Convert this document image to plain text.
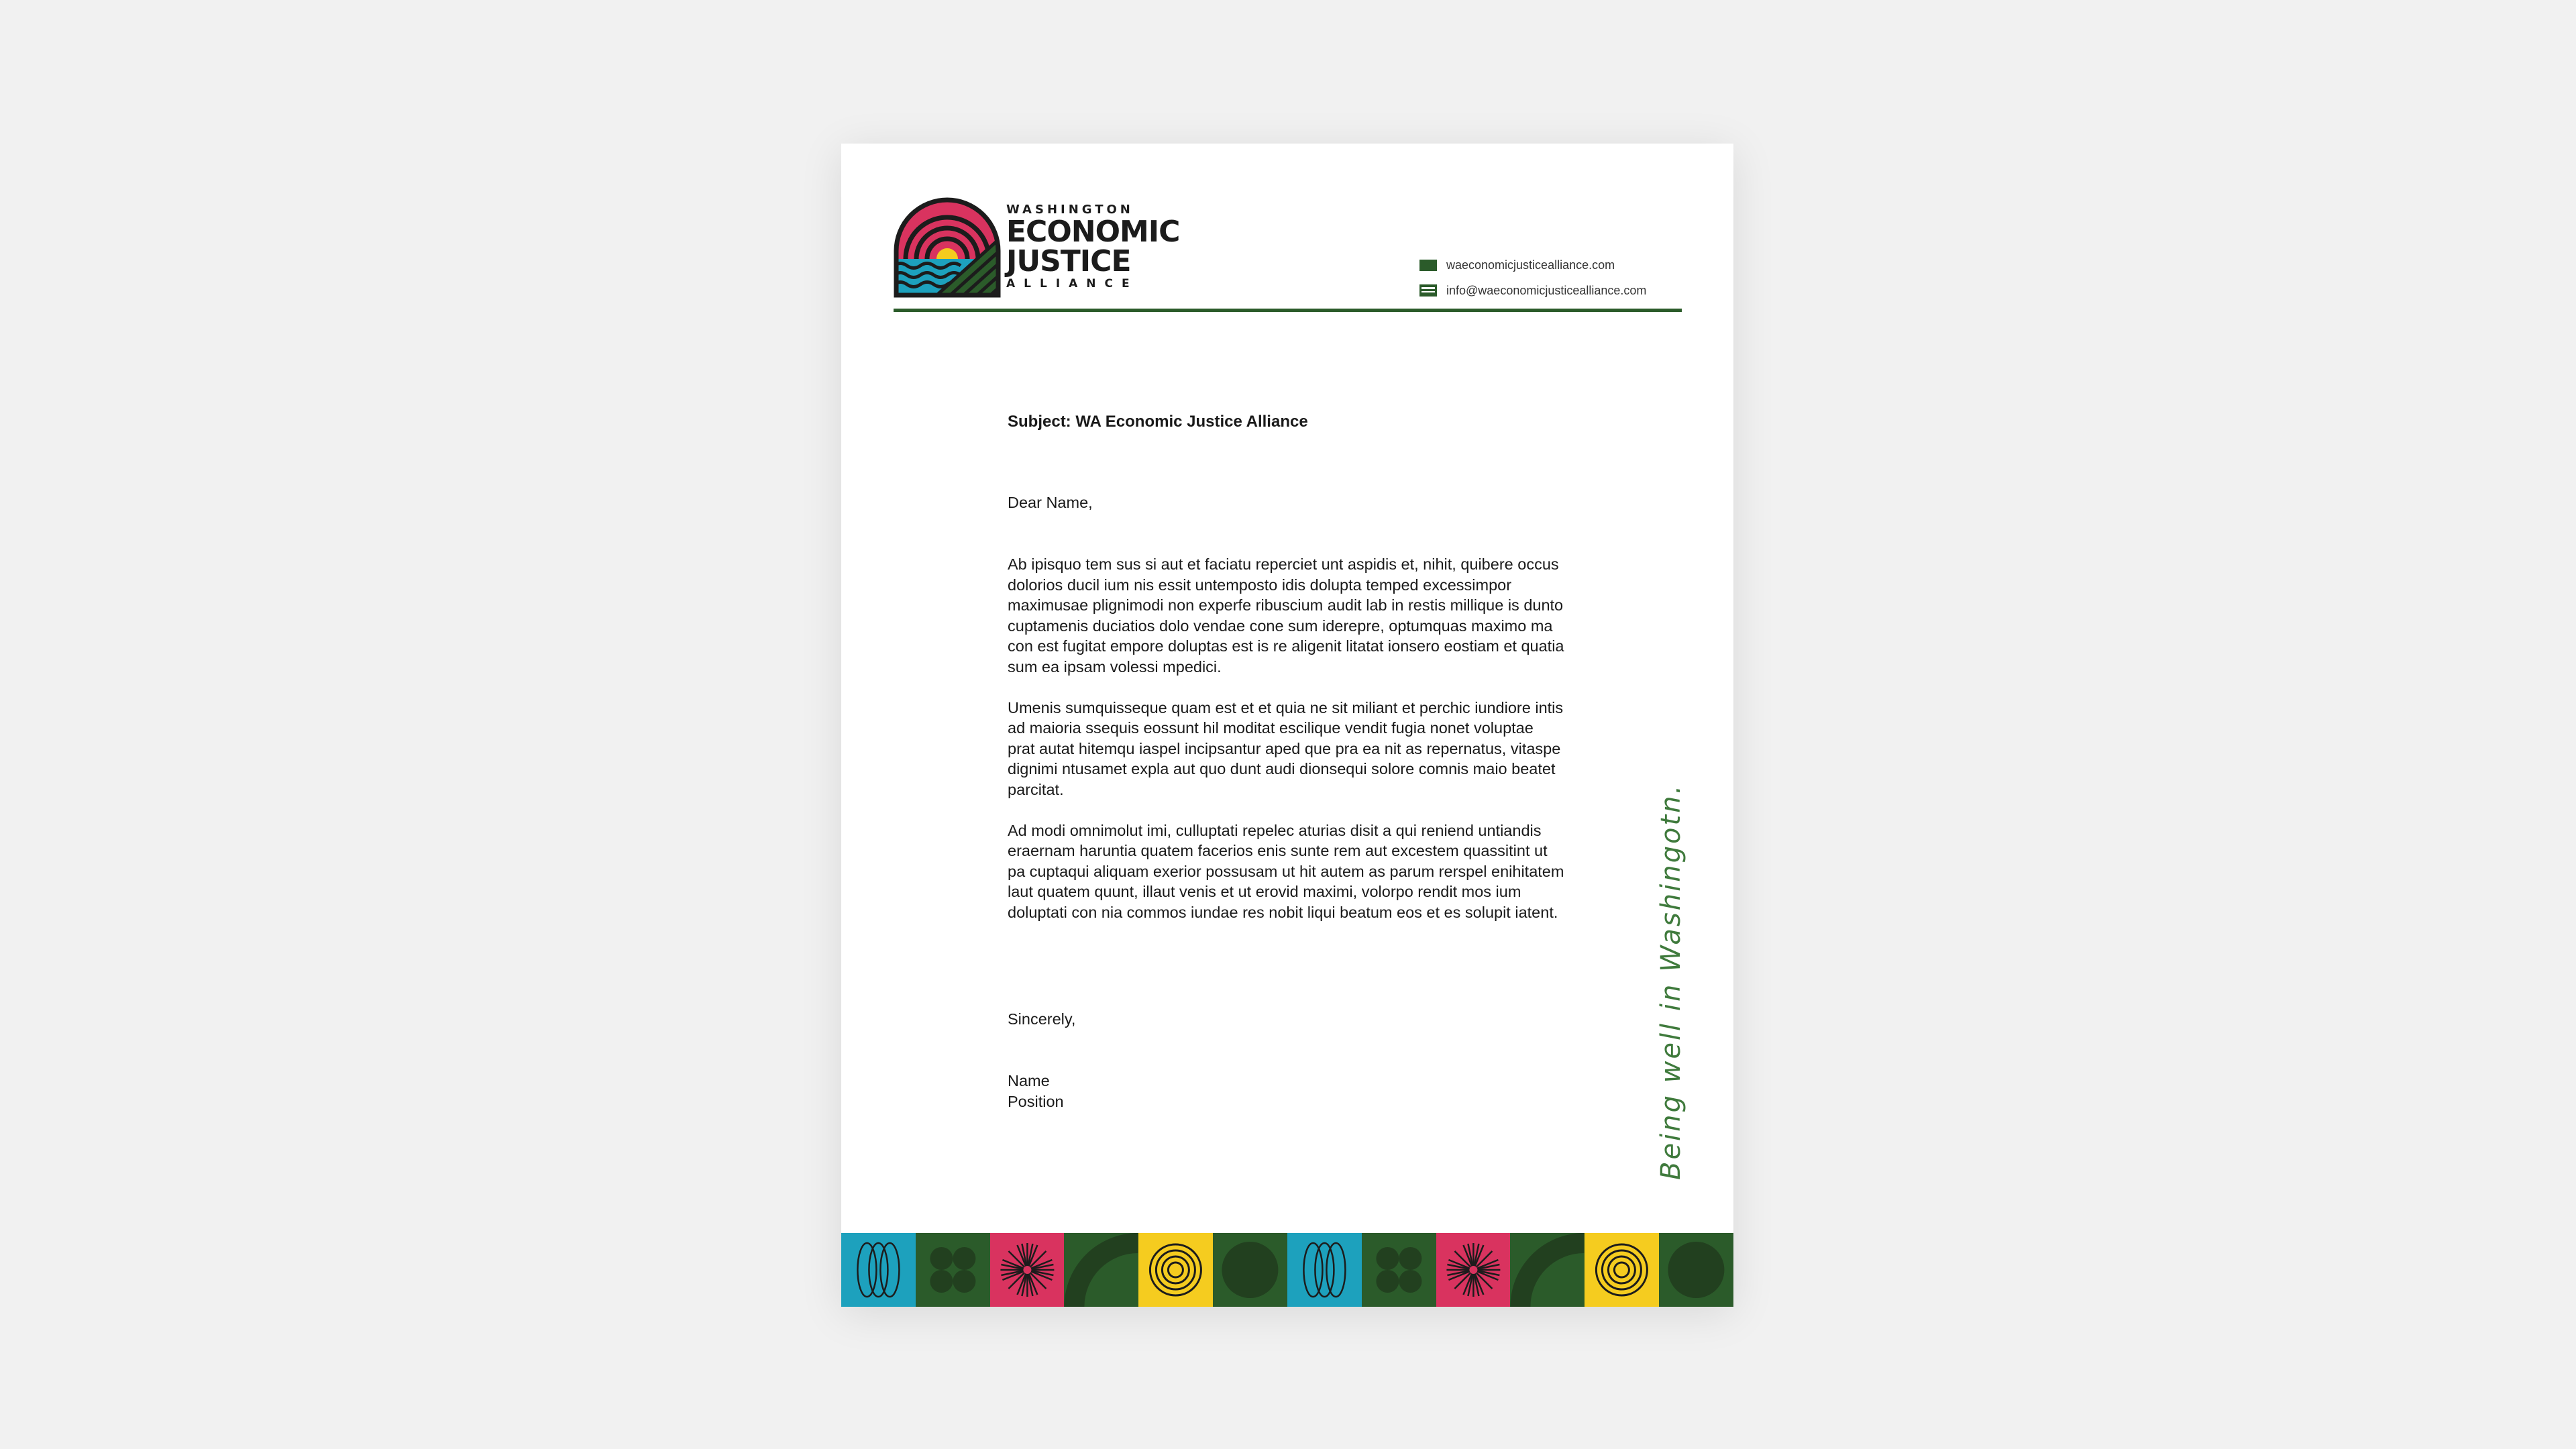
WASHINGTON
ECONOMIC
JUSTICE
ALLIANCE
waeconomicjusticealliance.com
info@waeconomicjusticealliance.com
Subject: WA Economic Justice Alliance
Dear Name,

Ab ipisquo tem sus si aut et faciatu reperciet unt aspidis et, nihit, quibere occus dolorios ducil ium nis essit untemposto idis dolupta temped excessimpor maximusae plignimodi non experfe ribuscium audit lab in restis millique is dunto cuptamenis duciatios dolo vendae cone sum iderepre, optumquas maximo ma con est fugitat empore doluptas est is re aligenit litatat ionsero eostiam et quatia sum ea ipsam volessi mpedici.

Umenis sumquisseque quam est et et quia ne sit miliant et perchic iundiore intis ad maioria ssequis eossunt hil moditat escilique vendit fugia nonet voluptae prat autat hitemqu iaspel incipsantur aped que pra ea nit as repernatus, vitaspe dignimi ntusamet expla aut quo dunt audi dionsequi solore comnis maio beatet parcitat.

Ad modi omnimolut imi, culluptati repelec aturias disit a qui reniend untiandis eraernam haruntia quatem facerios enis sunte rem aut excestem quassitint ut pa cuptaqui aliquam exerior possusam ut hit autem as parum rerspel enihitatem laut quatem quunt, illaut venis et ut erovid maximi, volorpo rendit mos ium doluptati con nia commos iundae res nobit liqui beatum eos et es solupit iatent.

Sincerely,
Name
Position	Being well in Washingotn.
